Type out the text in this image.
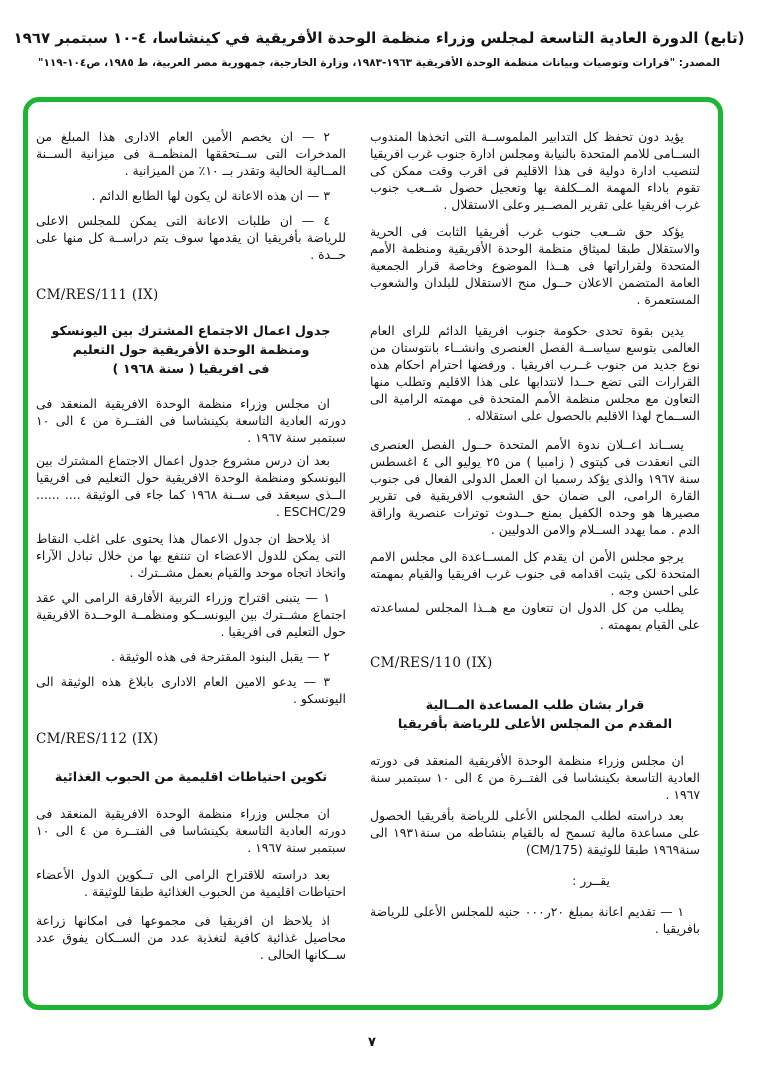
(تابع) الدورة العادية التاسعة لمجلس وزراء منظمة الوحدة الأفريقية في كينشاسا، ٤-١٠ سبتمبر ١٩٦٧
المصدر: "قرارات وتوصيات وبيانات منظمة الوحدة الأفريقية ١٩٦٣-١٩٨٣، وزارة الخارجية، جمهورية مصر العربية، ط ١٩٨٥، ص١٠٤-١١٩"

يؤيد دون تحفظ كل التدابير الملموســة التى اتخذها المندوب الســامى للامم المتحدة بالنيابة ومجلس ادارة جنوب غرب افريقيا لتنصيب ادارة دولية فى هذا الاقليم فى اقرب وقت ممكن كى تقوم باداء المهمة المــكلفة بها وتعجيل حصول شــعب جنوب غرب افريقيا على تقرير المصــير وعلى الاستقلال .

يؤكد حق شــعب جنوب غرب أفريقيا الثابت فى الحرية والاستقلال طبقا لميثاق منظمة الوحدة الأفريقية ومنظمة الأمم المتحدة ولقراراتها فى هــذا الموضوع وخاصة قرار الجمعية العامة المتضمن الاعلان حــول منح الاستقلال للبلدان والشعوب المستعمرة .

يدين بقوة تحدى حكومة جنوب افريقيا الدائم للراى العام العالمى بتوسع سياســة الفصل العنصرى وانشــاء بانتوستان من نوع جديد من جنوب غــرب افريقيا . ورفضها احترام احكام هذه القرارات التى تضع حــدا لانتدابها على هذا الاقليم وتطلب منها التعاون مع مجلس منظمة الأمم المتحدة فى مهمته الرامية الى الســماح لهذا الاقليم بالحصول على استقلاله .

يســاند اعــلان ندوة الأمم المتحدة حــول الفصل العنصرى التى انعقدت فى كيتوى ( زامبيا ) من ٢٥ يوليو الى ٤ اغسطس سنة ١٩٦٧ والذى يؤكد رسميا ان العمل الدولى الفعال فى جنوب القارة الرامى، الى ضمان حق الشعوب الافريقية فى تقرير مصيرها هو وحده الكفيل بمنع حــدوث توترات عنصرية واراقة الدم . مما يهدد الســلام والامن الدوليين .

يرجو مجلس الأمن ان يقدم كل المســاعدة الى مجلس الامم المتحدة لكى يثبت اقدامه فى جنوب غرب افريقيا والقيام بمهمته على احسن وجه .

يطلب من كل الدول ان تتعاون مع هــذا المجلس لمساعدته على القيام بمهمته .

CM/RES/110 (IX)

قرار بشان طلب المساعدة المــالية

المقدم من المجلس الأعلى للرياضة بأفريقيا

ان مجلس وزراء منظمة الوحدة الأفريقية المنعقد فى دورته العادية التاسعة بكينشاسا فى الفتــرة من ٤ الى ١٠ سبتمبر سنة ١٩٦٧ .

بعد دراسته لطلب المجلس الأعلى للرياضة بأفريقيا الحصول على مساعدة مالية تسمح له بالقيام بنشاطه من سنة١٩٣١ الى سنة١٩٦٩ طبقا للوثيقة (CM/175)

يقــرر :

١ — تقديم اعانة بمبلغ ٢٠ر٠٠٠ جنيه للمجلس الأعلى للرياضة بافريقيا .

٢ — ان يخصم الأمين العام الادارى هذا المبلغ من المدخرات التى ســتحققها المنظمــة فى ميزانية الســنة المــالية الحالية وتقدر بــ ١٠٪ من الميزانية .

٣ — ان هذه الاعانة لن يكون لها الطابع الدائم .

٤ — ان طلبات الاعانة التى يمكن للمجلس الاعلى للرياضة بأفريقيا ان يقدمها سوف يتم دراســة كل منها على حــدة .

CM/RES/111 (IX)

جدول اعمال الاجتماع المشترك بين اليونسكو

ومنظمة الوحدة الأفريقية حول التعليم

فى افريقيا ( سنة ١٩٦٨ )

ان مجلس وزراء منظمة الوحدة الافريقية المنعقد فى دورته العادية التاسعة بكينشاسا فى الفتــرة من ٤ الى ١٠ سبتمبر سنة ١٩٦٧ .

بعد ان درس مشروع جدول اعمال الاجتماع المشترك بين اليونسكو ومنظمة الوحدة الافريقية حول التعليم فى افريقيا الــذى سيعقد فى ســنة ١٩٦٨ كما جاء فى الوثيقة .... ...... ESCHC/29 .

اذ يلاحظ ان جدول الاعمال هذا يحتوى على اغلب النقاط التى يمكن للدول الاعضاء ان تنتفع بها من خلال تبادل الآراء واتخاذ اتجاه موحد والقيام بعمل مشــترك .

١ — يتبنى اقتراح وزراء التربية الأفارقة الرامى الي عقد اجتماع مشــترك بين اليونســكو ومنظمــة الوحــدة الافريقية حول التعليم فى افريقيا .

٢ — يقبل البنود المقترحة فى هذه الوثيقة .

٣ — يدعو الامين العام الادارى بابلاغ هذه الوثيقة الى اليونسكو .

CM/RES/112 (IX)

تكوين احتياطات اقليمية من الحبوب الغذائية

ان مجلس وزراء منظمة الوحدة الافريقية المنعقد فى دورته العادية التاسعة بكينشاسا فى الفتــرة من ٤ الى ١٠ سبتمبر سنة ١٩٦٧ .

بعد دراسته للاقتراح الرامى الى تــكوين الدول الأعضاء احتياطات اقليمية من الحبوب الغذائية طبقا للوثيقة .

اذ يلاحظ ان افريقيا فى مجموعها فى امكانها زراعة محاصيل غذائية كافية لتغذية عدد من الســكان يفوق عدد ســكانها الحالى .

٧
